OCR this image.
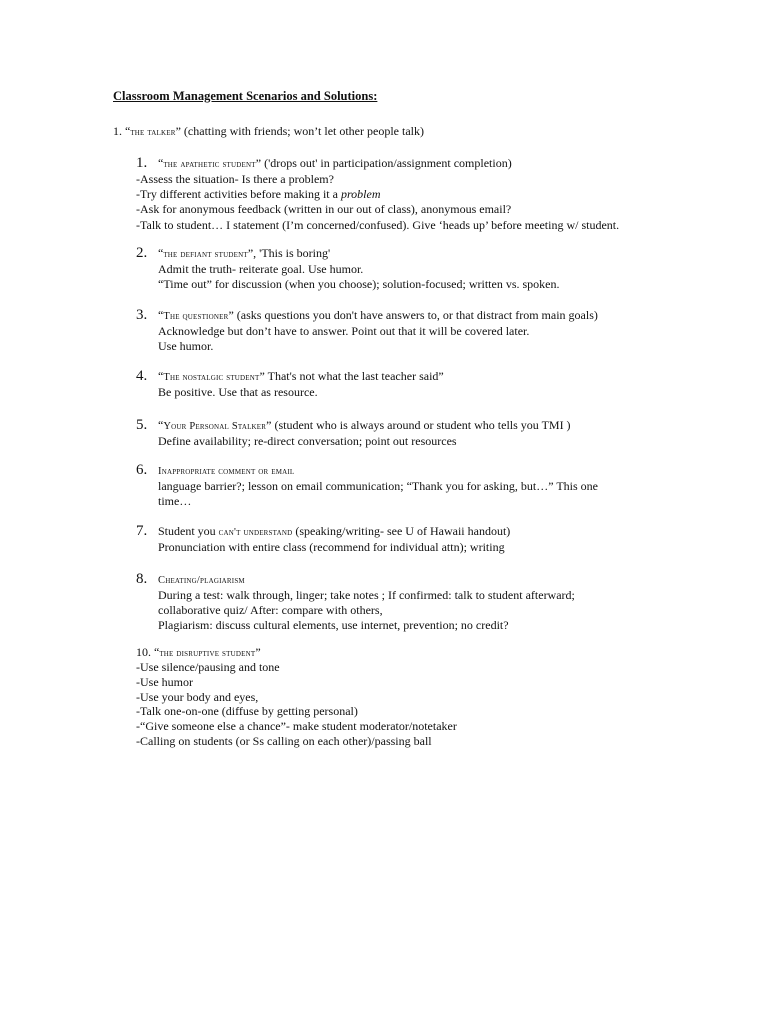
Classroom Management Scenarios and Solutions:
1. “the talker” (chatting with friends; won’t let other people talk)
1. “the apathetic student” ('drops out' in participation/assignment completion)
-Assess the situation- Is there a problem?
-Try different activities before making it a problem
-Ask for anonymous feedback (written in our out of class), anonymous email?
-Talk to student… I statement (I’m concerned/confused). Give ‘heads up’ before meeting w/ student.
2. “the defiant student”, 'This is boring'
Admit the truth- reiterate goal. Use humor.
“Time out” for discussion (when you choose); solution-focused; written vs. spoken.
3. “The questioner” (asks questions you don't have answers to, or that distract from main goals)
Acknowledge but don’t have to answer. Point out that it will be covered later.
Use humor.
4. “The nostalgic student” That's not what the last teacher said”
Be positive. Use that as resource.
5. “Your Personal Stalker” (student who is always around or student who tells you TMI )
Define availability; re-direct conversation; point out resources
6. Inappropriate comment or email
language barrier?; lesson on email communication; “Thank you for asking, but…” This one
time…
7. Student you can't understand (speaking/writing- see U of Hawaii handout)
Pronunciation with entire class (recommend for individual attn); writing
8. Cheating/plagiarism
During a test: walk through, linger; take notes ; If confirmed: talk to student afterward;
collaborative quiz/ After: compare with others,
Plagiarism: discuss cultural elements, use internet, prevention; no credit?
10. “the disruptive student”
-Use silence/pausing and tone
-Use humor
-Use your body and eyes,
-Talk one-on-one (diffuse by getting personal)
-“Give someone else a chance”- make student moderator/notetaker
-Calling on students (or Ss calling on each other)/passing ball
